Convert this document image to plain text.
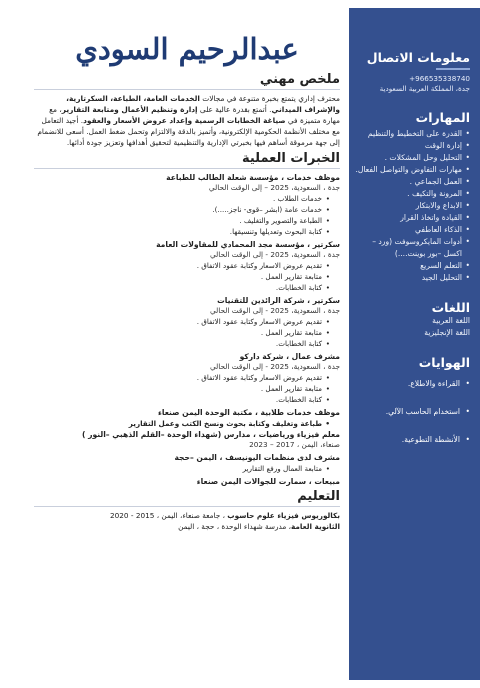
معلومات الاتصال
+966535338740
جدة، المملكة العربية السعودية
المهارات
• القدرة على التخطيط والتنظيم
• إدارة الوقت
• التحليل وحل المشكلات .
• مهارات التفاوض والتواصل الفعال.
• العمل الجماعي .
• المرونة والتكيف .
• الابداع والابتكار
• القيادة واتخاذ القرار
• الذكاء العاطفي
• أدوات المايكروسوفت (ورد –اكسل –بور بوينت....)
• التعلم السريع
• التحليل الجيد
اللغات
اللغة العربية
اللغة الإنجليزية
الهوايات
• القراءة والاطلاع.
• استخدام الحاسب الآلي.
• الأنشطة التطوعية.
عبدالرحيم السودي
ملخص مهني

محترف إداري يتمتع بخبرة متنوعة في مجالات الخدمات العامة، الطباعة، السكرتارية، والإشراف الميداني. أتمتع بقدرة عالية على إدارة وتنظيم الأعمال ومتابعة التقارير، مع مهارة متميزة في صياغة الخطابات الرسمية وإعداد عروض الأسعار والعقود. أجيد التعامل مع مختلف الأنظمة الحكومية الإلكترونية، وأتميز بالدقة والالتزام وتحمل ضغط العمل. أسعى للانضمام إلى جهة مرموقة أساهم فيها بخبرتي الإدارية والتنظيمية لتحقيق أهدافها وتعزيز جودة أدائها.

الخبرات العملية
موظف خدمات ، مؤسسة شعلة الطالب للطباعة
جدة ، السعودية، 2025 – إلى الوقت الحالي
• خدمات الطلاب .
• خدمات عامة (ابشر –قوى- ناجز.....).
• الطباعة والتصوير والتغليف .
• كتابة البحوث وتعديلها وتنسيقها.
سكرتير ، مؤسسة مجد المحمادي للمقاولات العامة
جدة ، السعودية، 2025 - إلى الوقت الحالي
• تقديم عروض الاسعار وكتابة عقود الاتفاق .
• متابعة تقارير العمل .
• كتابة الخطابات.
سكرتير ، شركة الرائدين للتقنيات
جدة ، السعودية، 2025 - إلى الوقت الحالي
• تقديم عروض الاسعار وكتابة عقود الاتفاق .
• متابعة تقارير العمل .
• كتابة الخطابات.
مشرف عمال ، شركة داركو
جدة ، السعودية، 2025 - إلى الوقت الحالي
• تقديم عروض الاسعار وكتابة عقود الاتفاق .
• متابعة تقارير العمل .
• كتابة الخطابات.
موظف خدمات طلابية ، مكتبة الوحدة اليمن صنعاء
• طباعة وتغليف وكتابة بحوث ونسخ الكتب وعمل التقارير
معلم فيزياء ورياضيات ، مدارس (شهداء الوحدة –القلم الذهبي –النور )
صنعاء، اليمن ، 2017 – 2023
مشرف لدى منظمات اليونيسف ، اليمن –حجة
• متابعة العمال ورفع التقارير
مبيعات ، سمارت للجوالات اليمن صنعاء
التعليم
بكالوريوس فيزياء علوم حاسوب ، جامعة صنعاء، اليمن ، 2015 - 2020
الثانوية العامة، مدرسة شهداء الوحدة ، حجة ، اليمن
